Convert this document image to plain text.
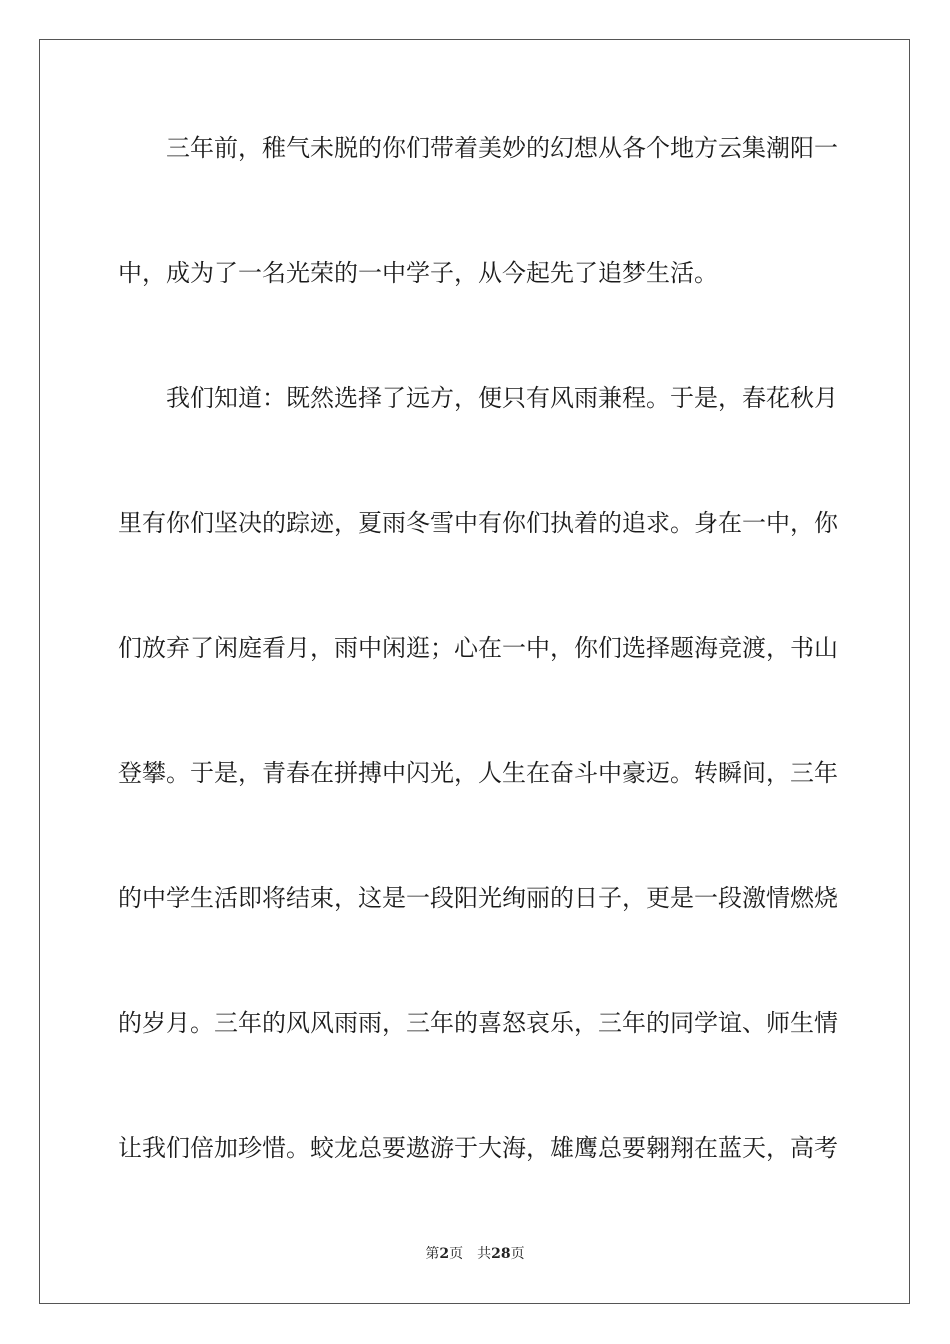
三年前，稚气未脱的你们带着美妙的幻想从各个地方云集潮阳一
中，成为了一名光荣的一中学子，从今起先了追梦生活。
我们知道：既然选择了远方，便只有风雨兼程。于是，春花秋月
里有你们坚决的踪迹，夏雨冬雪中有你们执着的追求。身在一中，你
们放弃了闲庭看月，雨中闲逛；心在一中，你们选择题海竞渡，书山
登攀。于是，青春在拼搏中闪光，人生在奋斗中豪迈。转瞬间，三年
的中学生活即将结束，这是一段阳光绚丽的日子，更是一段激情燃烧
的岁月。三年的风风雨雨，三年的喜怒哀乐，三年的同学谊、师生情
让我们倍加珍惜。蛟龙总要遨游于大海，雄鹰总要翱翔在蓝天，高考
第2页 共28页
